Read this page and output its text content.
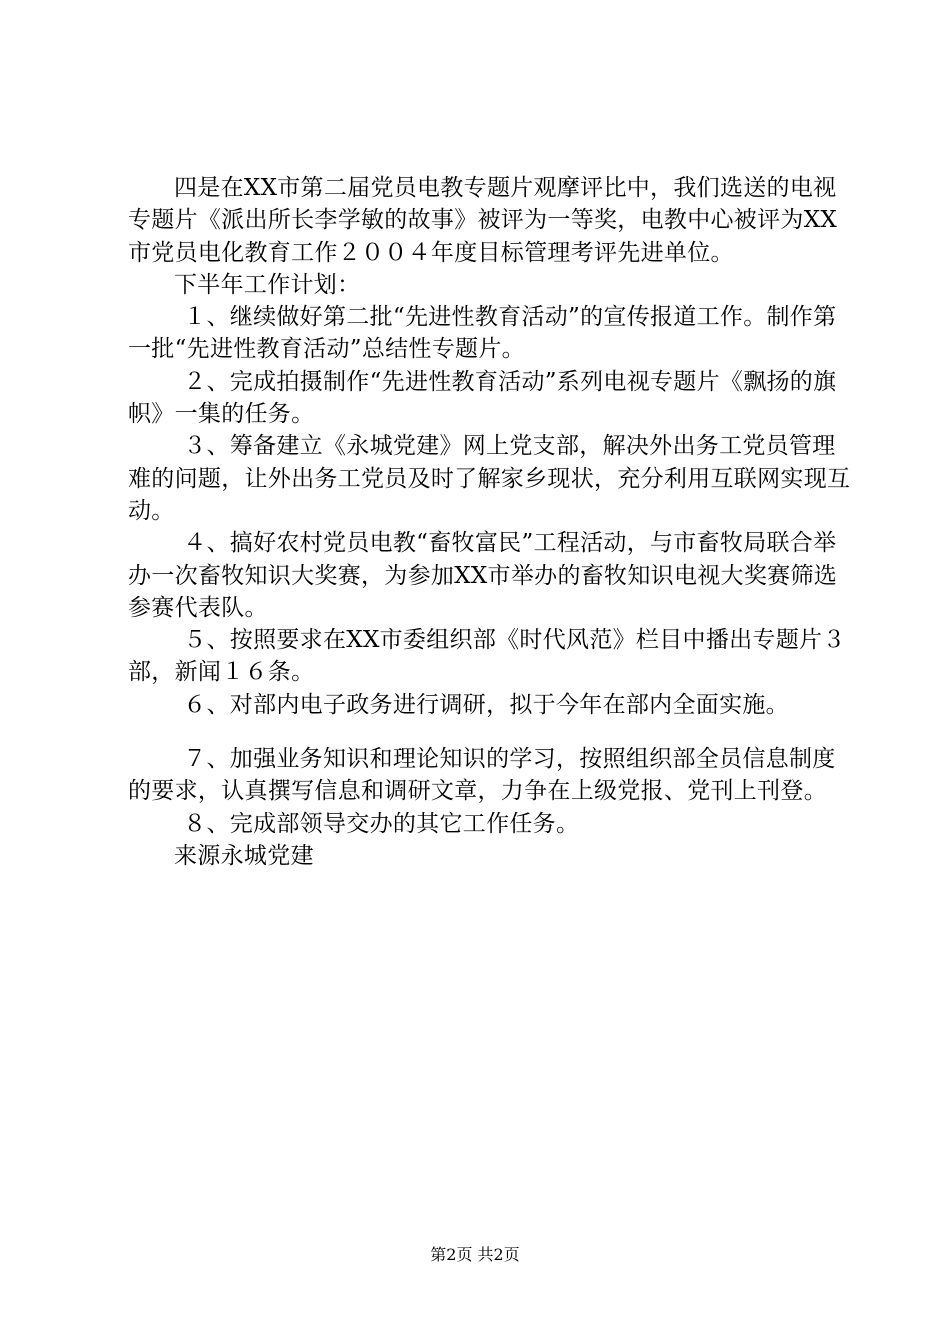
四是在XX市第二届党员电教专题片观摩评比中，我们选送的电视专题片《派出所长李学敏的故事》被评为一等奖，电教中心被评为XX市党员电化教育工作２００４年度目标管理考评先进单位。

下半年工作计划：

１、继续做好第二批“先进性教育活动”的宣传报道工作。制作第一批“先进性教育活动”总结性专题片。

２、完成拍摄制作“先进性教育活动”系列电视专题片《飘扬的旗帜》一集的任务。

３、筹备建立《永城党建》网上党支部，解决外出务工党员管理难的问题，让外出务工党员及时了解家乡现状，充分利用互联网实现互动。

４、搞好农村党员电教“畜牧富民”工程活动，与市畜牧局联合举办一次畜牧知识大奖赛，为参加XX市举办的畜牧知识电视大奖赛筛选参赛代表队。

５、按照要求在XX市委组织部《时代风范》栏目中播出专题片３部，新闻１６条。

６、对部内电子政务进行调研，拟于今年在部内全面实施。

７、加强业务知识和理论知识的学习，按照组织部全员信息制度的要求，认真撰写信息和调研文章，力争在上级党报、党刊上刊登。

８、完成部领导交办的其它工作任务。

来源永城党建

第2页 共2页
